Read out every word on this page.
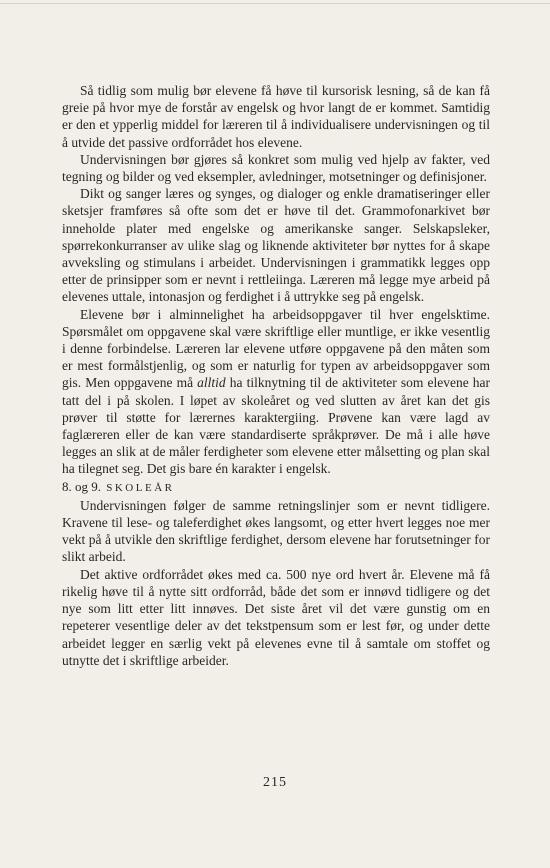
Så tidlig som mulig bør elevene få høve til kursorisk lesning, så de kan få greie på hvor mye de forstår av engelsk og hvor langt de er kommet. Samtidig er den et ypperlig middel for læreren til å individualisere undervisningen og til å utvide det passive ordforrådet hos elevene.

Undervisningen bør gjøres så konkret som mulig ved hjelp av fakter, ved tegning og bilder og ved eksempler, avledninger, motsetninger og definisjoner.

Dikt og sanger læres og synges, og dialoger og enkle dramatiseringer eller sketsjer framføres så ofte som det er høve til det. Grammofonarkivet bør inneholde plater med engelske og amerikanske sanger. Selskapsleker, spørrekonkurranser av ulike slag og liknende aktiviteter bør nyttes for å skape avveksling og stimulans i arbeidet. Undervisningen i grammatikk legges opp etter de prinsipper som er nevnt i rettleiinga. Læreren må legge mye arbeid på elevenes uttale, intonasjon og ferdighet i å uttrykke seg på engelsk.

Elevene bør i alminnelighet ha arbeidsoppgaver til hver engelsktime. Spørsmålet om oppgavene skal være skriftlige eller muntlige, er ikke vesentlig i denne forbindelse. Læreren lar elevene utføre oppgavene på den måten som er mest formålstjenlig, og som er naturlig for typen av arbeidsoppgaver som gis. Men oppgavene må alltid ha tilknytning til de aktiviteter som elevene har tatt del i på skolen. I løpet av skoleåret og ved slutten av året kan det gis prøver til støtte for lærernes karaktergiing. Prøvene kan være lagd av faglæreren eller de kan være standardiserte språkprøver. De må i alle høve legges an slik at de måler ferdigheter som elevene etter målsetting og plan skal ha tilegnet seg. Det gis bare én karakter i engelsk.

8. og 9. SKOLEÅR

Undervisningen følger de samme retningslinjer som er nevnt tidligere. Kravene til lese- og taleferdighet økes langsomt, og etter hvert legges noe mer vekt på å utvikle den skriftlige ferdighet, dersom elevene har forutsetninger for slikt arbeid.

Det aktive ordforrådet økes med ca. 500 nye ord hvert år. Elevene må få rikelig høve til å nytte sitt ordforråd, både det som er innøvd tidligere og det nye som litt etter litt innøves. Det siste året vil det være gunstig om en repeterer vesentlige deler av det tekstpensum som er lest før, og under dette arbeidet legger en særlig vekt på elevenes evne til å samtale om stoffet og utnytte det i skriftlige arbeider.

215
